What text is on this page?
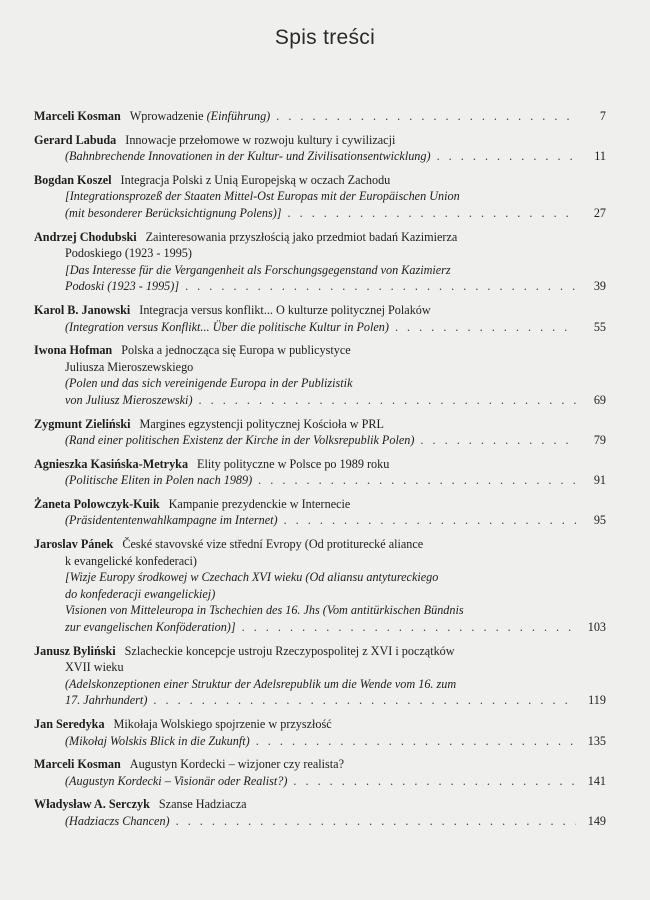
Spis treści
Marceli Kosman Wprowadzenie (Einführung) . . .	7
Gerard Labuda Innowacje przełomowe w rozwoju kultury i cywilizacji
(Bahnbrechende Innovationen in der Kultur- und Zivilisationsentwicklung) . . .	11
Bogdan Koszel Integracja Polski z Unią Europejską w oczach Zachodu
[Integrationsprozeß der Staaten Mittel-Ost Europas mit der Europäischen Union
(mit besonderer Berücksichtignung Polens)] . . .	27
Andrzej Chodubski Zainteresowania przyszłością jako przedmiot badań Kazimierza
Podoskiego (1923 - 1995)
[Das Interesse für die Vergangenheit als Forschungsgegenstand von Kazimierz
Podoski (1923 - 1995)] . . .	39
Karol B. Janowski Integracja versus konflikt... O kulturze politycznej Polaków
(Integration versus Konflikt... Über die politische Kultur in Polen) . . .	55
Iwona Hofman Polska a jednocząca się Europa w publicystyce
Juliusza Mieroszewskiego
(Polen und das sich vereinigende Europa in der Publizistik
von Juliusz Mieroszewski) . . .	69
Zygmunt Zieliński Margines egzystencji politycznej Kościoła w PRL
(Rand einer politischen Existenz der Kirche in der Volksrepublik Polen) . . .	79
Agnieszka Kasińska-Metryka Elity polityczne w Polsce po 1989 roku
(Politische Eliten in Polen nach 1989) . . .	91
Żaneta Polowczyk-Kuik Kampanie prezydenckie w Internecie
(Präsidententenwahlkampagne im Internet) . . .	95
Jaroslav Pánek České stavovské vize střední Evropy (Od protiturecké aliance
k evangelické konfederaci)
[Wizje Europy środkowej w Czechach XVI wieku (Od aliansu antytureckiego
do konfederacji ewangelickiej)
Visionen von Mitteleuropa in Tschechien des 16. Jhs (Vom antitürkischen Bündnis
zur evangelischen Konföderation)] . . .	103
Janusz Byliński Szlacheckie koncepcje ustroju Rzeczypospolitej z XVI i początków
XVII wieku
(Adelskonzeptionen einer Struktur der Adelsrepublik um die Wende vom 16. zum
17. Jahrhundert) . . .	119
Jan Seredyka Mikołaja Wolskiego spojrzenie w przyszłość
(Mikołaj Wolskis Blick in die Zukunft) . . .	135
Marceli Kosman Augustyn Kordecki – wizjoner czy realista?
(Augustyn Kordecki – Visionär oder Realist?) . . .	141
Władysław A. Serczyk Szanse Hadziacza
(Hadziaczs Chancen) . . .	149
